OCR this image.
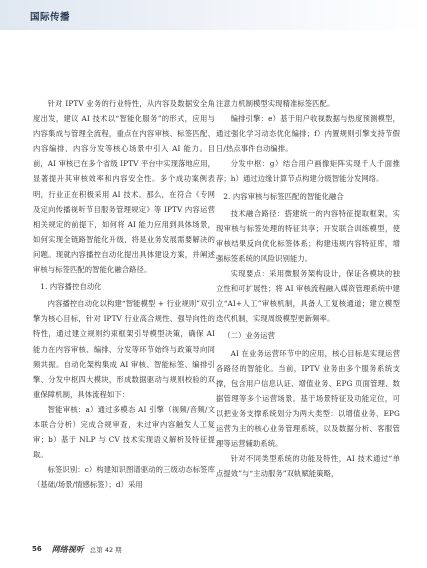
国际传播

针对 IPTV 业务的行业特性，从内容及数据安全角度出发，建议 AI 技术以“智能化服务”的形式，应用与内容集成与管理全流程，重点在内容审核、标签匹配、内容编排、内容分发等核心场景中引入 AI 能力。目前，AI 审核已在多个省级 IPTV 平台中实现落地应用，显著提升其审核效率和内容安全性。多个成功案例表明，行业正在积极采用 AI 技术。那么，在符合《专网及定向传播视听节目服务管理规定》等 IPTV 内容运营相关规定的前提下，如何将 AI 能力应用到具体场景，如何实现全链路智能化升级，将是业务发展需要解决的问题。现就内容播控自动化提出具体建设方案，并阐述审核与标签匹配的智能化融合路径。

1. 内容播控自动化

内容播控自动化以构建“智能模型 + 行业规则”双引擎为核心目标，针对 IPTV 行业高合规性、强导向性的特性，通过建立规则约束框架引导模型决策，确保 AI 能力在内容审核、编排、分发等环节始终与政策导向同频共振。自动化架构集成 AI 审核、智能标签、编排引擎、分发中枢四大模块，形成数据驱动与规则校验的双重保障机制，具体流程如下：

智能审核：a）通过多模态 AI 引擎（视频/音频/文本联合分析）完成合规审查，未过审内容触发人工复审；b）基于 NLP 与 CV 技术实现语义解析及特征提取。

标签识别：c）构建知识图谱驱动的三级动态标签库（基础/场景/情感标签）；d）采用

注意力机制模型实现精准标签匹配。

编排引擎：e）基于用户收视数据与热度预测模型，通过强化学习动态优化编排；f）内置规则引擎支持节假日/热点事件自动编排。

分发中枢：g）结合用户画像矩阵实现千人千面推荐；h）通过边缘计算节点构建分级智能分发网络。

2. 内容审核与标签匹配的智能化融合

技术融合路径：搭建统一的内容特征提取框架，实现审核与标签处理的特征共享；开发联合训练模型，使审核结果反向优化标签体系；构建违规内容特征库，增强标签系统的风险识别能力。

实现要点：采用微服务架构设计，保证各模块的独立性和可扩展性；将 AI 审核流程融入媒资管理系统中建立“AI+人工”审核机制，具备人工复核通道；建立模型迭代机制，实现周级模型更新频率。

（二）业务运营

AI 在业务运营环节中的应用，核心目标是实现运营各路径的智能化。当前，IPTV 业务由多个服务系统支撑，包含用户信息认证、增值业务、EPG 页面管理、数据管理等多个运营场景。基于场景特征及功能定位，可以把业务支撑系统划分为两大类型：以增值业务、EPG 运营为主的核心业务管理系统，以及数据分析、客服管理等运营辅助系统。

针对不同类型系统的功能及特性，AI 技术通过“单点提效”与“主动服务”双轨赋能策略，

56 网络视听 总第 42 期
